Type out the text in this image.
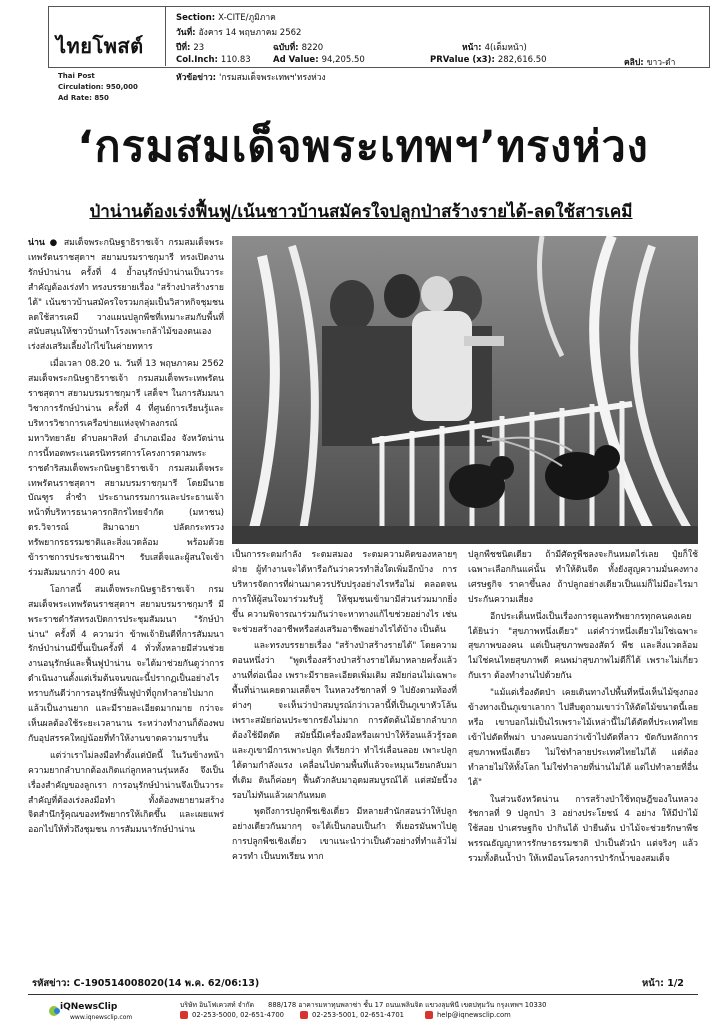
ไทยโพสต์
Thai Post
Circulation: 950,000
Ad Rate: 850
Section: X-CITE/ภูมิภาค
วันที่: อังคาร 14 พฤษภาคม 2562
ปีที่: 23	ฉบับที่: 8220	หน้า: 4(เต็มหน้า)
Col.Inch: 110.83	Ad Value: 94,205.50	PRValue (x3): 282,616.50	คลิป: ขาว-ดำ
หัวข้อข่าว: 'กรมสมเด็จพระเทพฯ'ทรงห่วง
‘กรมสมเด็จพระเทพฯ’ทรงห่วง
ป่าน่านต้องเร่งฟื้นฟู/เน้นชาวบ้านสมัครใจปลูกป่าสร้างรายได้-ลดใช้สารเคมี

น่าน ● สมเด็จพระกนิษฐาธิราชเจ้า กรมสมเด็จพระเทพรัตนราชสุดาฯ สยามบรมราชกุมารี ทรงเปิดงานรักษ์ป่าน่าน ครั้งที่ 4 ย้ำอนุรักษ์ป่าน่านเป็นวาระสำคัญต้องเร่งทำ ทรงบรรยายเรื่อง "สร้างป่าสร้างรายได้" เน้นชาวบ้านสมัครใจรวมกลุ่มเป็นวิสาหกิจชุมชน ลดใช้สารเคมี วางแผนปลูกพืชที่เหมาะสมกับพื้นที่ สนับสนุนให้ชาวบ้านทำโรงเพาะกล้าไม้ของตนเอง เร่งส่งเสริมเลี้ยงไก่ไข่ในค่ายทหาร

เมื่อเวลา 08.20 น. วันที่ 13 พฤษภาคม 2562 สมเด็จพระกนิษฐาธิราชเจ้า กรมสมเด็จพระเทพรัตนราชสุดาฯ สยามบรมราชกุมารี เสด็จฯ ในการสัมมนาวิชาการรักษ์ป่าน่าน ครั้งที่ 4 ที่ศูนย์การเรียนรู้และบริหารวิชาการเครือข่ายแห่งจุฬาลงกรณ์มหาวิทยาลัย ตำบลผาสิงห์ อำเภอเมือง จังหวัดน่าน การนี้ทอดพระเนตรนิทรรศการโครงการตามพระราชดำริสมเด็จพระกนิษฐาธิราชเจ้า กรมสมเด็จพระเทพรัตนราชสุดาฯ สยามบรมราชกุมารี โดยมีนายบัณฑูร ล่ำซำ ประธานกรรมการและประธานเจ้าหน้าที่บริหารธนาคารกสิกรไทยจำกัด (มหาชน) ดร.วิจารณ์ สิมาฉายา ปลัดกระทรวงทรัพยากรธรรมชาติและสิ่งแวดล้อม พร้อมด้วยข้าราชการประชาชนเฝ้าฯ รับเสด็จและผู้สนใจเข้าร่วมสัมมนากว่า 400 คน

โอกาสนี้ สมเด็จพระกนิษฐาธิราชเจ้า กรมสมเด็จพระเทพรัตนราชสุดาฯ สยามบรมราชกุมารี มีพระราชดำรัสทรงเปิดการประชุมสัมมนา "รักษ์ป่าน่าน" ครั้งที่ 4 ความว่า ข้าพเจ้ายินดีที่การสัมมนารักษ์ป่าน่านมีขึ้นเป็นครั้งที่ 4 ทั่วทั้งหลายมีส่วนช่วยงานอนุรักษ์และฟื้นฟูป่าน่าน จะได้มาช่วยกันดูว่าการดำเนินงานตั้งแต่เริ่มต้นจนขณะนี้ปรากฏเป็นอย่างไร ทราบกันดีว่าการอนุรักษ์ฟื้นฟูป่าที่ถูกทำลายไปมากแล้วเป็นงานยาก และมีรายละเอียดมากมาย กว่าจะเห็นผลต้องใช้ระยะเวลานาน ระหว่างทำงานก็ต้องพบกับอุปสรรคใหญ่น้อยที่ทำให้งานขาดความราบรื่น

แต่ว่าเราไม่ลงมือทำตั้งแต่บัดนี้ ในวันข้างหน้าความยากลำบากต้องเกิดแก่ลูกหลานรุ่นหลัง จึงเป็นเรื่องสำคัญของลูกเรา การอนุรักษ์ป่าน่านจึงเป็นวาระสำคัญที่ต้องเร่งลงมือทำ ทั้งต้องพยายามสร้างจิตสำนึกรู้คุณของทรัพยากรให้เกิดขึ้น และเผยแพร่ออกไปให้ทั่วถึงชุมชน การสัมมนารักษ์ป่าน่าน

เป็นการระดมกำลัง ระดมสมอง ระดมความคิดของหลายๆ ฝ่าย ผู้ทำงานจะได้หารือกันว่าควรทำสิ่งใดเพิ่มอีกบ้าง การบริหารจัดการที่ผ่านมาควรปรับปรุงอย่างไรหรือไม่ ตลอดจนการให้ผู้สนใจมาร่วมรับรู้ ให้ชุมชนเข้ามามีส่วนร่วมมากยิ่งขึ้น ความพิจารณาร่วมกันว่าจะหาทางแก้ไขช่วยอย่างไร เช่น จะช่วยสร้างอาชีพหรือส่งเสริมอาชีพอย่างไรได้บ้าง เป็นต้น

และทรงบรรยายเรื่อง "สร้างป่าสร้างรายได้" โดยความตอนหนึ่งว่า "พูดเรื่องสร้างป่าสร้างรายได้มาหลายครั้งแล้ว งานที่ต่อเนื่อง เพราะมีรายละเอียดเพิ่มเติม สมัยก่อนไม่เฉพาะพื้นที่น่านเคยตามเสด็จฯ ในหลวงรัชกาลที่ 9 ไปยังตามท้องที่ต่างๆ จะเห็นว่าป่าสมบูรณ์กว่าเวลานี้ที่เป็นภูเขาหัวโล้น เพราะสมัยก่อนประชากรยังไม่มาก การตัดต้นไม้ยากลำบาก ต้องใช้มีดตัด สมัยนี้มีเครื่องมือหรือเผาป่าให้ร้อนแล้วรู้รอด และภูเขามีการเพาะปลูก ที่เรียกว่า ทำไร่เลื่อนลอย เพาะปลูกได้ตามกำลังแรง เคลื่อนไปตามพื้นที่แล้วจะหมุนเวียนกลับมาที่เดิม ดินก็ค่อยๆ ฟื้นตัวกลับมาอุดมสมบูรณ์ได้ แต่สมัยนี้วงรอบไม่ทันแล้วเผากันหมด

พูดถึงการปลูกพืชเชิงเดี่ยว มีหลายสำนักสอนว่าให้ปลูกอย่างเดียวกันมากๆ จะได้เป็นกอบเป็นกำ ที่เยอรมันพาไปดูการปลูกพืชเชิงเดี่ยว เขาแนะนำว่าเป็นตัวอย่างที่ทำแล้วไม่ควรทำ เป็นบทเรียน ทาก

ปลูกพืชชนิดเดียว ถ้ามีศัตรูพืชลงจะกินหมดไร่เลย ปุ๋ยก็ใช้เฉพาะเลือกกินแค่นั้น ทำให้ดินจืด ทั้งยังสูญความมั่นคงทางเศรษฐกิจ ราคาขึ้นลง ถ้าปลูกอย่างเดียวเป็นแม่ก็ไม่มีอะไรมาประกันความเสี่ยง

อีกประเด็นหนึ่งเป็นเรื่องการดูแลทรัพยากรทุกคนคงเคยได้ยินว่า "สุขภาพหนึ่งเดียว" แต่คำว่าหนึ่งเดียวไม่ใช่เฉพาะสุขภาพของคน แต่เป็นสุขภาพของสัตว์ พืช และสิ่งแวดล้อม ไม่ใช่คนไทยสุขภาพดี คนพม่าสุขภาพไม่ดีก็ได้ เพราะไม่เกี่ยวกับเรา ต้องทำงานไปด้วยกัน

"แม้แต่เรื่องตัดป่า เคยเดินทางไปพื้นที่หนึ่งเห็นไม้ซุงกองข้างทางเป็นภูเขาเลากา ไปสืบดูถามเขาว่าให้ตัดไม้ขนาดนี้เลยหรือ เขาบอกไม่เป็นไรเพราะไม้เหล่านี้ไม่ได้ตัดที่ประเทศไทย เข้าไปตัดที่พม่า บางคนบอกว่าเข้าไปตัดที่ลาว ขัดกับหลักการสุขภาพหนึ่งเดียว ไม่ใช่ทำลายประเทศไทยไม่ได้ แต่ต้องทำลายไม่ให้ทั้งโลก ไม่ใช่ทำลายที่น่านไม่ได้ แต่ไปทำลายที่อื่นได้"

ในส่วนจังหวัดน่าน การสร้างป่าใช้ทฤษฎีของในหลวงรัชกาลที่ 9 ปลูกป่า 3 อย่างประโยชน์ 4 อย่าง ให้มีป่าไม้ใช้สอย ป่าเศรษฐกิจ ป่ากินได้ ป่ายืนต้น ป่าไม้จะช่วยรักษาพืชพรรณธัญญาหารรักษาธรรมชาติ ป่าเป็นตัวนำ แต่จริงๆ แล้วรวมทั้งดินน้ำป่า ให้เหมือนโครงการป่ารักน้ำของสมเด็จ

รหัสข่าว: C-190514008020(14 พ.ค. 62/06:13)	หน้า: 1/2
iQNewsClip
www.iqnewsclip.com
บริษัท อินโฟเควสท์ จำกัด 888/178 อาคารมหาทุนพลาซ่า ชั้น 17 ถนนเพลินจิต แขวงลุมพินี เขตปทุมวัน กรุงเทพฯ 10330
02-253-5000, 02-651-4700	02-253-5001, 02-651-4701	help@iqnewsclip.com
